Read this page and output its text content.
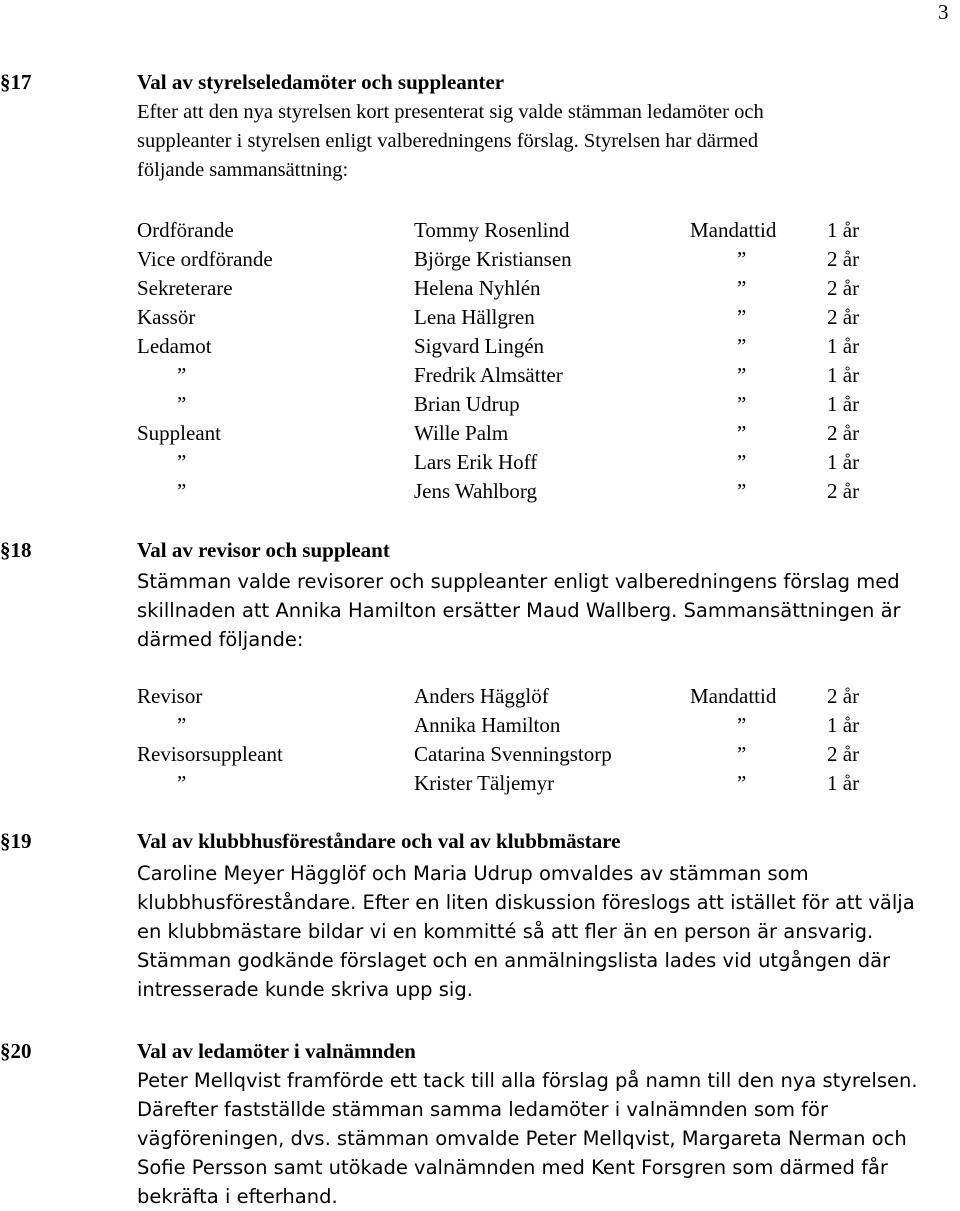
3
§17	Val av styrelseledamöter och suppleanter
Efter att den nya styrelsen kort presenterat sig valde stämman ledamöter och
suppleanter i styrelsen enligt valberedningens förslag. Styrelsen har därmed
följande sammansättning:
Ordförande	Tommy Rosenlind	Mandattid 1 år
Vice ordförande	Björge Kristiansen	”	2 år
Sekreterare	Helena Nyhlén	”	2 år
Kassör	Lena Hällgren	”	2 år
Ledamot	Sigvard Lingén	”	1 år
”	Fredrik Almsätter	”	1 år
”	Brian Udrup	”	1 år
Suppleant	Wille Palm	”	2 år
”	Lars Erik Hoff	”	1 år
”	Jens Wahlborg	”	2 år
§18	Val av revisor och suppleant
Stämman valde revisorer och suppleanter enligt valberedningens förslag med
skillnaden att Annika Hamilton ersätter Maud Wallberg. Sammansättningen är
därmed följande:
Revisor	Anders Hägglöf	Mandattid 2 år
”	Annika Hamilton	”	1 år
Revisorsuppleant	Catarina Svenningstorp	”	2 år
”	Krister Täljemyr	”	1 år
§19	Val av klubbhusföreståndare och val av klubbmästare
Caroline Meyer Hägglöf och Maria Udrup omvaldes av stämman som
klubbhusföreståndare. Efter en liten diskussion föreslogs att istället för att välja
en klubbmästare bildar vi en kommitté så att fler än en person är ansvarig.
Stämman godkände förslaget och en anmälningslista lades vid utgången där
intresserade kunde skriva upp sig.
§20	Val av ledamöter i valnämnden
Peter Mellqvist framförde ett tack till alla förslag på namn till den nya styrelsen.
Därefter fastställde stämman samma ledamöter i valnämnden som för
vägföreningen, dvs. stämman omvalde Peter Mellqvist, Margareta Nerman och
Sofie Persson samt utökade valnämnden med Kent Forsgren som därmed får
bekräfta i efterhand.
